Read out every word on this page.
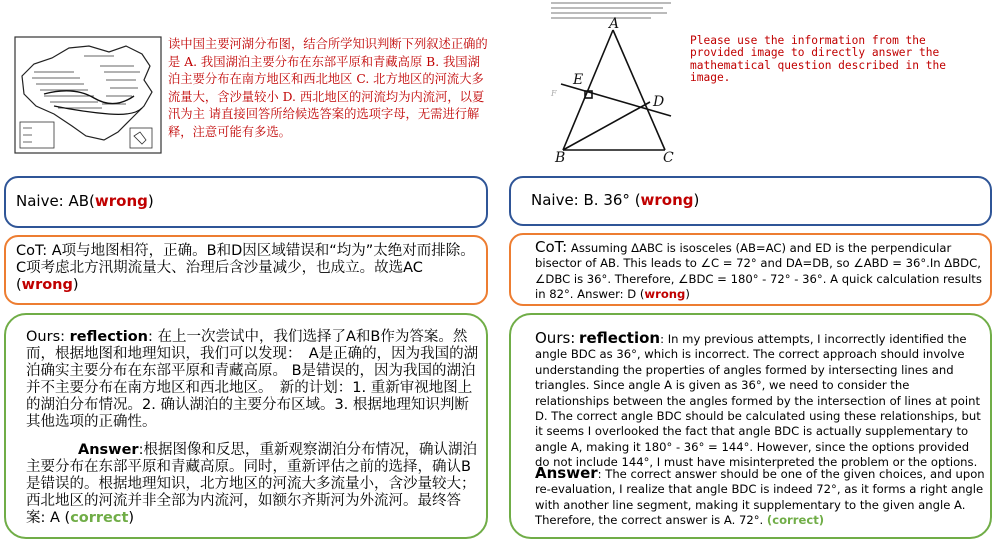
读中国主要河湖分布图，结合所学知识判断下列叙述正确的是 A. 我国湖泊主要分布在东部平原和青藏高原 B. 我国湖泊主要分布在南方地区和西北地区 C. 北方地区的河流大多流量大，含沙量较小 D. 西北地区的河流均为内流河，以夏汛为主 请直接回答所给候选答案的选项字母，无需进行解释，注意可能有多选。
Naive: AB(wrong)
CoT: A项与地图相符，正确。B和D因区域错误和“均为”太绝对而排除。C项考虑北方汛期流量大、治理后含沙量减少，也成立。故选AC (wrong)
Ours: reflection: 在上一次尝试中，我们选择了A和B作为答案。然而，根据地图和地理知识，我们可以发现：　A是正确的，因为我国的湖泊确实主要分布在东部平原和青藏高原。 B是错误的，因为我国的湖泊并不主要分布在南方地区和西北地区。　新的计划：1. 重新审视地图上的湖泊分布情况。2. 确认湖泊的主要分布区域。3. 根据地理知识判断其他选项的正确性。
Answer:根据图像和反思，重新观察湖泊分布情况，确认湖泊主要分布在东部平原和青藏高原。同时，重新评估之前的选择，确认B是错误的。根据地理知识，北方地区的河流大多流量小，含沙量较大；西北地区的河流并非全部为内流河，如额尔齐斯河为外流河。最终答案: A (correct)
A
E
F
D
B	C
Please use the information from the provided image to directly answer the mathematical question described in the image.
Naive: B. 36° (wrong)
CoT: Assuming ΔABC is isosceles (AB=AC) and ED is the perpendicular bisector of AB. This leads to ∠C = 72° and DA=DB, so ∠ABD = 36°.In ΔBDC, ∠DBC is 36°. Therefore, ∠BDC = 180° - 72° - 36°. A quick calculation results in 82°. Answer: D (wrong)
Ours: reflection: In my previous attempts, I incorrectly identified the angle BDC as 36°, which is incorrect. The correct approach should involve understanding the properties of angles formed by intersecting lines and triangles. Since angle A is given as 36°, we need to consider the relationships between the angles formed by the intersection of lines at point D. The correct angle BDC should be calculated using these relationships, but it seems I overlooked the fact that angle BDC is actually supplementary to angle A, making it 180° - 36° = 144°. However, since the options provided do not include 144°, I must have misinterpreted the problem or the options.
Answer: The correct answer should be one of the given choices, and upon re-evaluation, I realize that angle BDC is indeed 72°, as it forms a right angle with another line segment, making it supplementary to the given angle A. Therefore, the correct answer is A. 72°. (correct)
